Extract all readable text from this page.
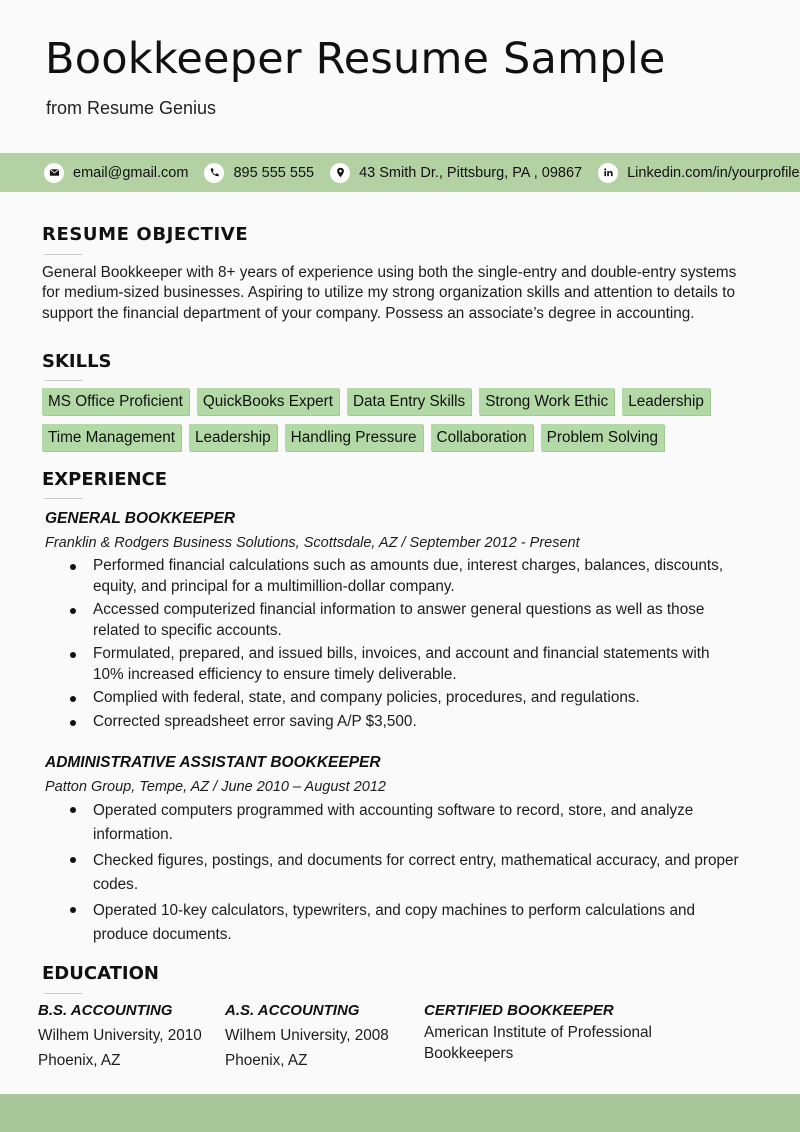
Bookkeeper Resume Sample
from Resume Genius
email@gmail.com	895 555 555	43 Smith Dr., Pittsburg, PA , 09867	Linkedin.com/in/yourprofile
RESUME OBJECTIVE
General Bookkeeper with 8+ years of experience using both the single-entry and double-entry systems for medium-sized businesses. Aspiring to utilize my strong organization skills and attention to details to support the financial department of your company. Possess an associate’s degree in accounting.
SKILLS
MS Office Proficient	QuickBooks Expert	Data Entry Skills	Strong Work Ethic	Leadership
Time Management	Leadership	Handling Pressure	Collaboration	Problem Solving
EXPERIENCE
GENERAL BOOKKEEPER
Franklin & Rodgers Business Solutions, Scottsdale, AZ / September 2012 - Present
Performed financial calculations such as amounts due, interest charges, balances, discounts, equity, and principal for a multimillion-dollar company.
Accessed computerized financial information to answer general questions as well as those related to specific accounts.
Formulated, prepared, and issued bills, invoices, and account and financial statements with 10% increased efficiency to ensure timely deliverable.
Complied with federal, state, and company policies, procedures, and regulations.
Corrected spreadsheet error saving A/P $3,500.
ADMINISTRATIVE ASSISTANT BOOKKEEPER
Patton Group, Tempe, AZ / June 2010 – August 2012
Operated computers programmed with accounting software to record, store, and analyze information.
Checked figures, postings, and documents for correct entry, mathematical accuracy, and proper codes.
Operated 10-key calculators, typewriters, and copy machines to perform calculations and produce documents.
EDUCATION
B.S. ACCOUNTING
Wilhem University, 2010
Phoenix, AZ
A.S. ACCOUNTING
Wilhem University, 2008
Phoenix, AZ
CERTIFIED BOOKKEEPER
American Institute of Professional Bookkeepers
